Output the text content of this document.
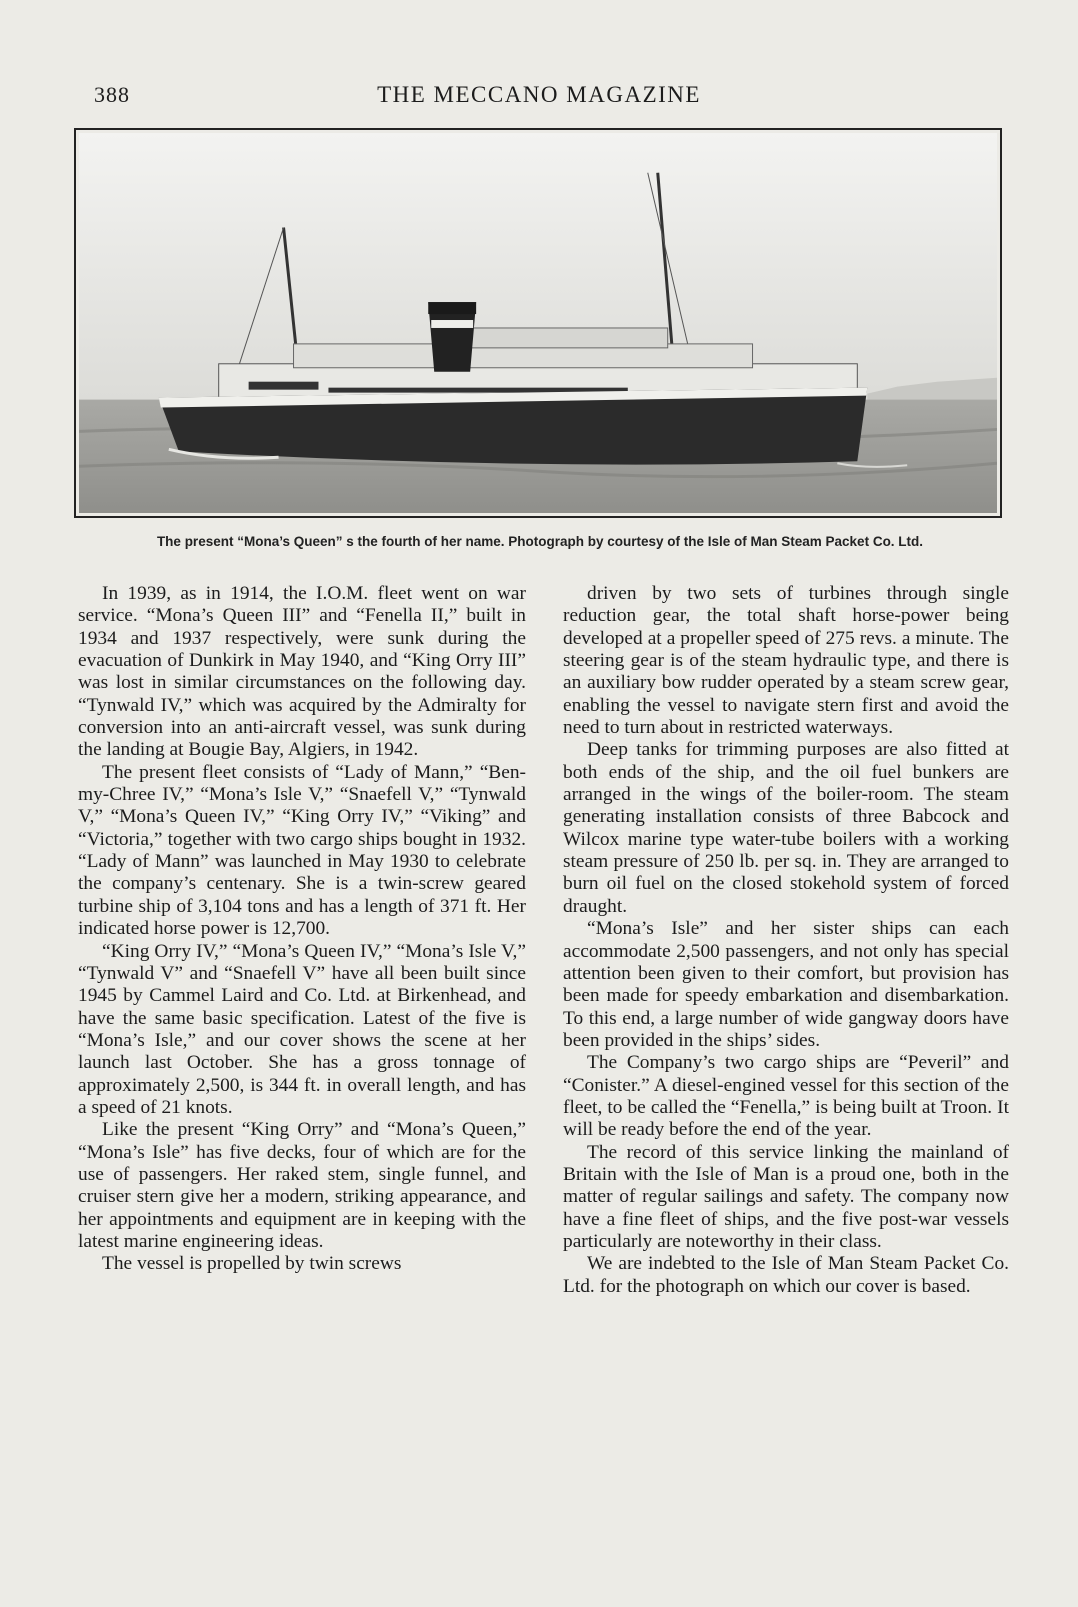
388	THE MECCANO MAGAZINE
The present “Mona’s Queen” s the fourth of her name. Photograph by courtesy of the Isle of Man Steam Packet Co. Ltd.

In 1939, as in 1914, the I.O.M. fleet went on war service. “Mona’s Queen III” and “Fenella II,” built in 1934 and 1937 respectively, were sunk during the evacuation of Dunkirk in May 1940, and “King Orry III” was lost in similar circumstances on the following day. “Tynwald IV,” which was acquired by the Admiralty for conversion into an anti-aircraft vessel, was sunk during the landing at Bougie Bay, Algiers, in 1942.

The present fleet consists of “Lady of Mann,” “Ben-my-Chree IV,” “Mona’s Isle V,” “Snaefell V,” “Tynwald V,” “Mona’s Queen IV,” “King Orry IV,” “Viking” and “Victoria,” together with two cargo ships bought in 1932. “Lady of Mann” was launched in May 1930 to celebrate the company’s centenary. She is a twin-screw geared turbine ship of 3,104 tons and has a length of 371 ft. Her indicated horse power is 12,700.

“King Orry IV,” “Mona’s Queen IV,” “Mona’s Isle V,” “Tynwald V” and “Snaefell V” have all been built since 1945 by Cammel Laird and Co. Ltd. at Birkenhead, and have the same basic specification. Latest of the five is “Mona’s Isle,” and our cover shows the scene at her launch last October. She has a gross tonnage of approximately 2,500, is 344 ft. in overall length, and has a speed of 21 knots.

Like the present “King Orry” and “Mona’s Queen,” “Mona’s Isle” has five decks, four of which are for the use of passengers. Her raked stem, single funnel, and cruiser stern give her a modern, striking appearance, and her appointments and equipment are in keeping with the latest marine engineering ideas.

The vessel is propelled by twin screws

driven by two sets of turbines through single reduction gear, the total shaft horse-power being developed at a propeller speed of 275 revs. a minute. The steering gear is of the steam hydraulic type, and there is an auxiliary bow rudder operated by a steam screw gear, enabling the vessel to navigate stern first and avoid the need to turn about in restricted waterways.

Deep tanks for trimming purposes are also fitted at both ends of the ship, and the oil fuel bunkers are arranged in the wings of the boiler-room. The steam generating installation consists of three Babcock and Wilcox marine type water-tube boilers with a working steam pressure of 250 lb. per sq. in. They are arranged to burn oil fuel on the closed stokehold system of forced draught.

“Mona’s Isle” and her sister ships can each accommodate 2,500 passengers, and not only has special attention been given to their comfort, but provision has been made for speedy embarkation and disembarkation. To this end, a large number of wide gangway doors have been provided in the ships’ sides.

The Company’s two cargo ships are “Peveril” and “Conister.” A diesel-engined vessel for this section of the fleet, to be called the “Fenella,” is being built at Troon. It will be ready before the end of the year.

The record of this service linking the mainland of Britain with the Isle of Man is a proud one, both in the matter of regular sailings and safety. The company now have a fine fleet of ships, and the five post-war vessels particularly are noteworthy in their class.

We are indebted to the Isle of Man Steam Packet Co. Ltd. for the photograph on which our cover is based.
